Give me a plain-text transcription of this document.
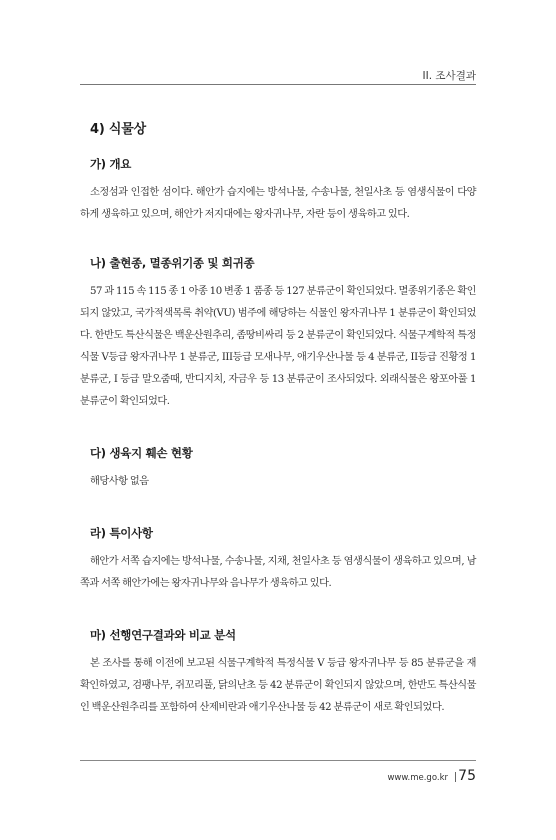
II. 조사결과
4) 식물상
가) 개요

소정섬과 인접한 섬이다. 해안가 습지에는 방석나물, 수송나물, 천일사초 등 염생식물이 다양하게 생육하고 있으며, 해안가 저지대에는 왕자귀나무, 자란 등이 생육하고 있다.

나) 출현종, 멸종위기종 및 희귀종

57 과 115 속 115 종 1 아종 10 변종 1 품종 등 127 분류군이 확인되었다. 멸종위기종은 확인되지 않았고, 국가적색목록 취약(VU) 범주에 해당하는 식물인 왕자귀나무 1 분류군이 확인되었다. 한반도 특산식물은 백운산원추리, 좀땅비싸리 등 2 분류군이 확인되었다. 식물구계학적 특정식물 V등급 왕자귀나무 1 분류군, III등급 모새나무, 애기우산나물 등 4 분류군, II등급 진황정 1 분류군, I 등급 말오줌때, 반디지치, 자금우 등 13 분류군이 조사되었다. 외래식물은 왕포아풀 1 분류군이 확인되었다.

다) 생육지 훼손 현황

해당사항 없음

라) 특이사항

해안가 서쪽 습지에는 방석나물, 수송나물, 지채, 천일사초 등 염생식물이 생육하고 있으며, 남쪽과 서쪽 해안가에는 왕자귀나무와 음나무가 생육하고 있다.

마) 선행연구결과와 비교 분석

본 조사를 통해 이전에 보고된 식물구계학적 특정식물 V 등급 왕자귀나무 등 85 분류군을 재확인하였고, 검팽나무, 쥐꼬리풀, 닭의난초 등 42 분류군이 확인되지 않았으며, 한반도 특산식물인 백운산원추리를 포함하여 산제비란과 애기우산나물 등 42 분류군이 새로 확인되었다.

www.me.go.kr 75
